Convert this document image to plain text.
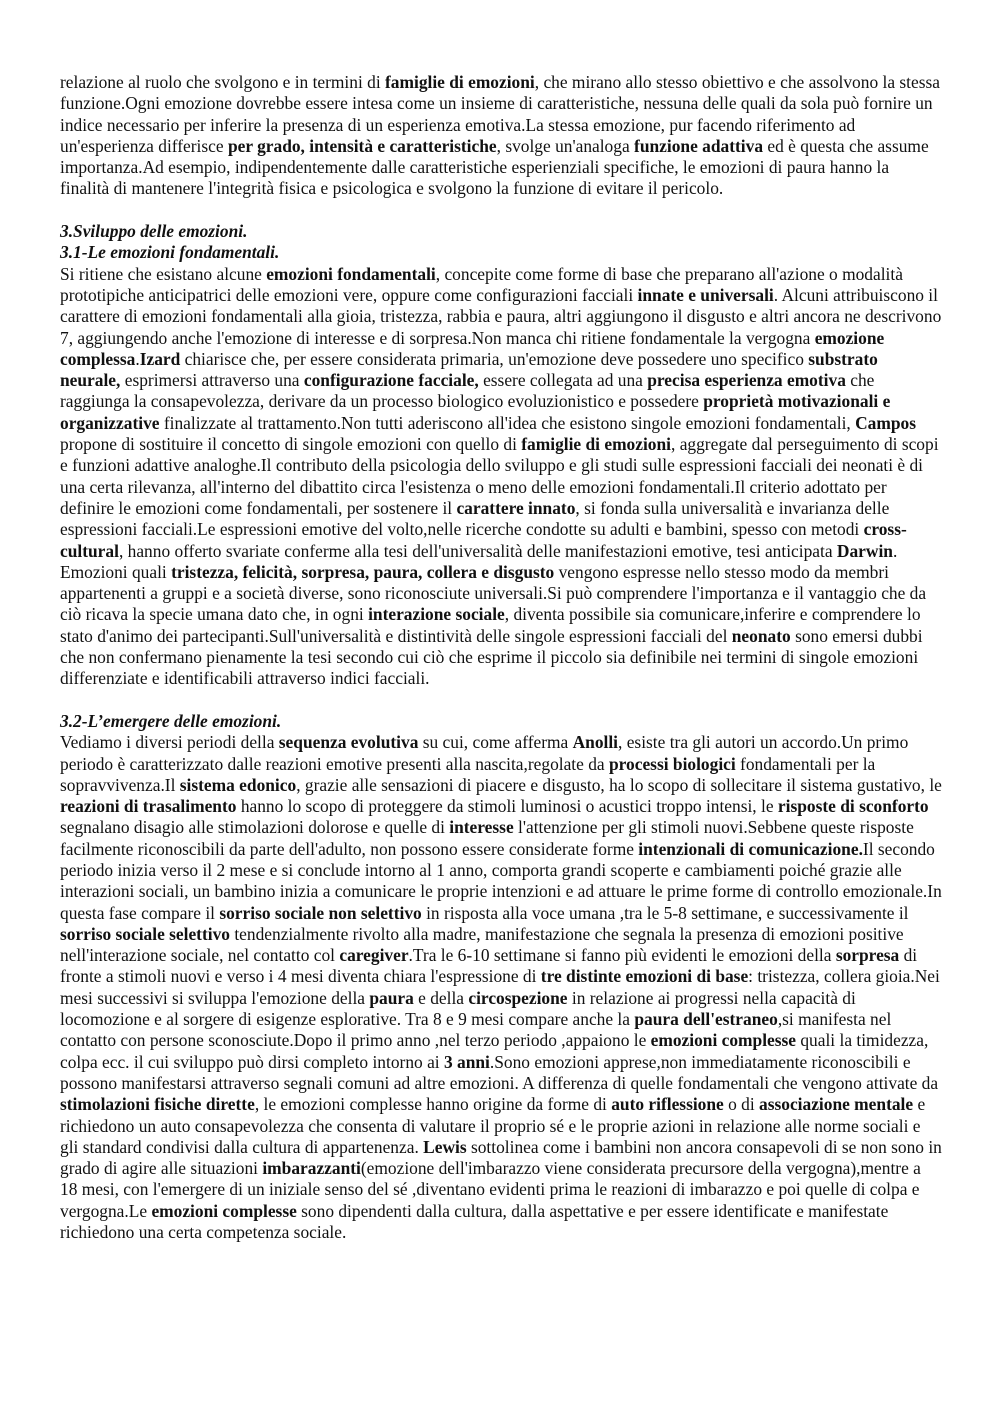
relazione al ruolo che svolgono e in termini di famiglie di emozioni, che mirano allo stesso obiettivo e che assolvono la stessa funzione.Ogni emozione dovrebbe essere intesa come un insieme di caratteristiche, nessuna delle quali da sola può fornire un indice necessario per inferire la presenza di un esperienza emotiva.La stessa emozione, pur facendo riferimento ad un'esperienza differisce per grado, intensità e caratteristiche, svolge un'analoga funzione adattiva ed è questa che assume importanza.Ad esempio, indipendentemente dalle caratteristiche esperienziali specifiche, le emozioni di paura hanno la finalità di mantenere l'integrità fisica e psicologica e svolgono la funzione di evitare il pericolo.

3.Sviluppo delle emozioni.
3.1-Le emozioni fondamentali.

Si ritiene che esistano alcune emozioni fondamentali, concepite come forme di base che preparano all'azione o modalità prototipiche anticipatrici delle emozioni vere, oppure come configurazioni facciali innate e universali. Alcuni attribuiscono il carattere di emozioni fondamentali alla gioia, tristezza, rabbia e paura, altri aggiungono il disgusto e altri ancora ne descrivono 7, aggiungendo anche l'emozione di interesse e di sorpresa.Non manca chi ritiene fondamentale la vergogna emozione complessa.Izard chiarisce che, per essere considerata primaria, un'emozione deve possedere uno specifico substrato neurale, esprimersi attraverso una configurazione facciale, essere collegata ad una precisa esperienza emotiva che raggiunga la consapevolezza, derivare da un processo biologico evoluzionistico e possedere proprietà motivazionali e organizzative finalizzate al trattamento.Non tutti aderiscono all'idea che esistono singole emozioni fondamentali, Campos propone di sostituire il concetto di singole emozioni con quello di famiglie di emozioni, aggregate dal perseguimento di scopi e funzioni adattive analoghe.Il contributo della psicologia dello sviluppo e gli studi sulle espressioni facciali dei neonati è di una certa rilevanza, all'interno del dibattito circa l'esistenza o meno delle emozioni fondamentali.Il criterio adottato per definire le emozioni come fondamentali, per sostenere il carattere innato, si fonda sulla universalità e invarianza delle espressioni facciali.Le espressioni emotive del volto,nelle ricerche condotte su adulti e bambini, spesso con metodi cross-cultural, hanno offerto svariate conferme alla tesi dell'universalità delle manifestazioni emotive, tesi anticipata Darwin. Emozioni quali tristezza, felicità, sorpresa, paura, collera e disgusto vengono espresse nello stesso modo da membri appartenenti a gruppi e a società diverse, sono riconosciute universali.Si può comprendere l'importanza e il vantaggio che da ciò ricava la specie umana dato che, in ogni interazione sociale, diventa possibile sia comunicare,inferire e comprendere lo stato d'animo dei partecipanti.Sull'universalità e distintività delle singole espressioni facciali del neonato sono emersi dubbi che non confermano pienamente la tesi secondo cui ciò che esprime il piccolo sia definibile nei termini di singole emozioni differenziate e identificabili attraverso indici facciali.

3.2-L’emergere delle emozioni.

Vediamo i diversi periodi della sequenza evolutiva su cui, come afferma Anolli, esiste tra gli autori un accordo.Un primo periodo è caratterizzato dalle reazioni emotive presenti alla nascita,regolate da processi biologici fondamentali per la sopravvivenza.Il sistema edonico, grazie alle sensazioni di piacere e disgusto, ha lo scopo di sollecitare il sistema gustativo, le reazioni di trasalimento hanno lo scopo di proteggere da stimoli luminosi o acustici troppo intensi, le risposte di sconforto segnalano disagio alle stimolazioni dolorose e quelle di interesse l'attenzione per gli stimoli nuovi.Sebbene queste risposte facilmente riconoscibili da parte dell'adulto, non possono essere considerate forme intenzionali di comunicazione.Il secondo periodo inizia verso il 2 mese e si conclude intorno al 1 anno, comporta grandi scoperte e cambiamenti poiché grazie alle interazioni sociali, un bambino inizia a comunicare le proprie intenzioni e ad attuare le prime forme di controllo emozionale.In questa fase compare il sorriso sociale non selettivo in risposta alla voce umana ,tra le 5-8 settimane, e successivamente il sorriso sociale selettivo tendenzialmente rivolto alla madre, manifestazione che segnala la presenza di emozioni positive nell'interazione sociale, nel contatto col caregiver.Tra le 6-10 settimane si fanno più evidenti le emozioni della sorpresa di fronte a stimoli nuovi e verso i 4 mesi diventa chiara l'espressione di tre distinte emozioni di base: tristezza, collera gioia.Nei mesi successivi si sviluppa l'emozione della paura e della circospezione in relazione ai progressi nella capacità di locomozione e al sorgere di esigenze esplorative. Tra 8 e 9 mesi compare anche la paura dell'estraneo,si manifesta nel contatto con persone sconosciute.Dopo il primo anno ,nel terzo periodo ,appaiono le emozioni complesse quali la timidezza, colpa ecc. il cui sviluppo può dirsi completo intorno ai 3 anni.Sono emozioni apprese,non immediatamente riconoscibili e possono manifestarsi attraverso segnali comuni ad altre emozioni. A differenza di quelle fondamentali che vengono attivate da stimolazioni fisiche dirette, le emozioni complesse hanno origine da forme di auto riflessione o di associazione mentale e richiedono un auto consapevolezza che consenta di valutare il proprio sé e le proprie azioni in relazione alle norme sociali e gli standard condivisi dalla cultura di appartenenza. Lewis sottolinea come i bambini non ancora consapevoli di se non sono in grado di agire alle situazioni imbarazzanti(emozione dell'imbarazzo viene considerata precursore della vergogna),mentre a 18 mesi, con l'emergere di un iniziale senso del sé ,diventano evidenti prima le reazioni di imbarazzo e poi quelle di colpa e vergogna.Le emozioni complesse sono dipendenti dalla cultura, dalla aspettative e per essere identificate e manifestate richiedono una certa competenza sociale.
